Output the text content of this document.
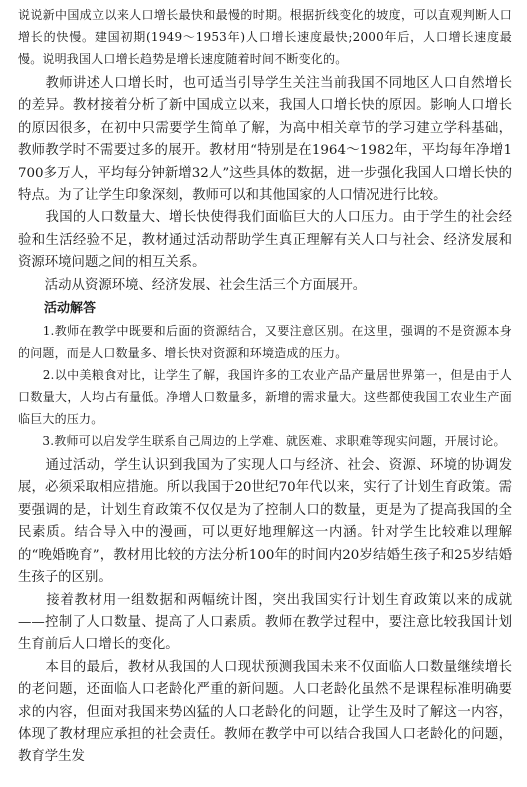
说说新中国成立以来人口增长最快和最慢的时期。根据折线变化的坡度，可以直观判断人口增长的快慢。建国初期(1949～1953年)人口增长速度最快;2000年后，人口增长速度最慢。说明我国人口增长趋势是增长速度随着时间不断变化的。

　　教师讲述人口增长时，也可适当引导学生关注当前我国不同地区人口自然增长的差异。教材接着分析了新中国成立以来，我国人口增长快的原因。影响人口增长的原因很多，在初中只需要学生简单了解，为高中相关章节的学习建立学科基础，教师教学时不需要过多的展开。教材用“特别是在1964～1982年，平均每年净增1 700多万人，平均每分钟新增32人”这些具体的数据，进一步强化我国人口增长快的特点。为了让学生印象深刻，教师可以和其他国家的人口情况进行比较。

　　我国的人口数量大、增长快使得我们面临巨大的人口压力。由于学生的社会经验和生活经验不足，教材通过活动帮助学生真正理解有关人口与社会、经济发展和资源环境问题之间的相互关系。

　　活动从资源环境、经济发展、社会生活三个方面展开。

　　活动解答

　　1.教师在教学中既要和后面的资源结合，又要注意区别。在这里，强调的不是资源本身的问题，而是人口数量多、增长快对资源和环境造成的压力。

　　2.以中美粮食对比，让学生了解，我国许多的工农业产品产量居世界第一，但是由于人口数量大，人均占有量低。净增人口数量多，新增的需求量大。这些都使我国工农业生产面临巨大的压力。

　　3.教师可以启发学生联系自己周边的上学难、就医难、求职难等现实问题，开展讨论。

　　通过活动，学生认识到我国为了实现人口与经济、社会、资源、环境的协调发展，必须采取相应措施。所以我国于20世纪70年代以来，实行了计划生育政策。需要强调的是，计划生育政策不仅仅是为了控制人口的数量，更是为了提高我国的全民素质。结合导入中的漫画，可以更好地理解这一内涵。针对学生比较难以理解的“晚婚晚育”，教材用比较的方法分析100年的时间内20岁结婚生孩子和25岁结婚生孩子的区别。

　　接着教材用一组数据和两幅统计图，突出我国实行计划生育政策以来的成就——控制了人口数量、提高了人口素质。教师在教学过程中，要注意比较我国计划生育前后人口增长的变化。

　　本目的最后，教材从我国的人口现状预测我国未来不仅面临人口数量继续增长的老问题，还面临人口老龄化严重的新问题。人口老龄化虽然不是课程标准明确要求的内容，但面对我国来势凶猛的人口老龄化的问题，让学生及时了解这一内容，体现了教材理应承担的社会责任。教师在教学中可以结合我国人口老龄化的问题，教育学生发
